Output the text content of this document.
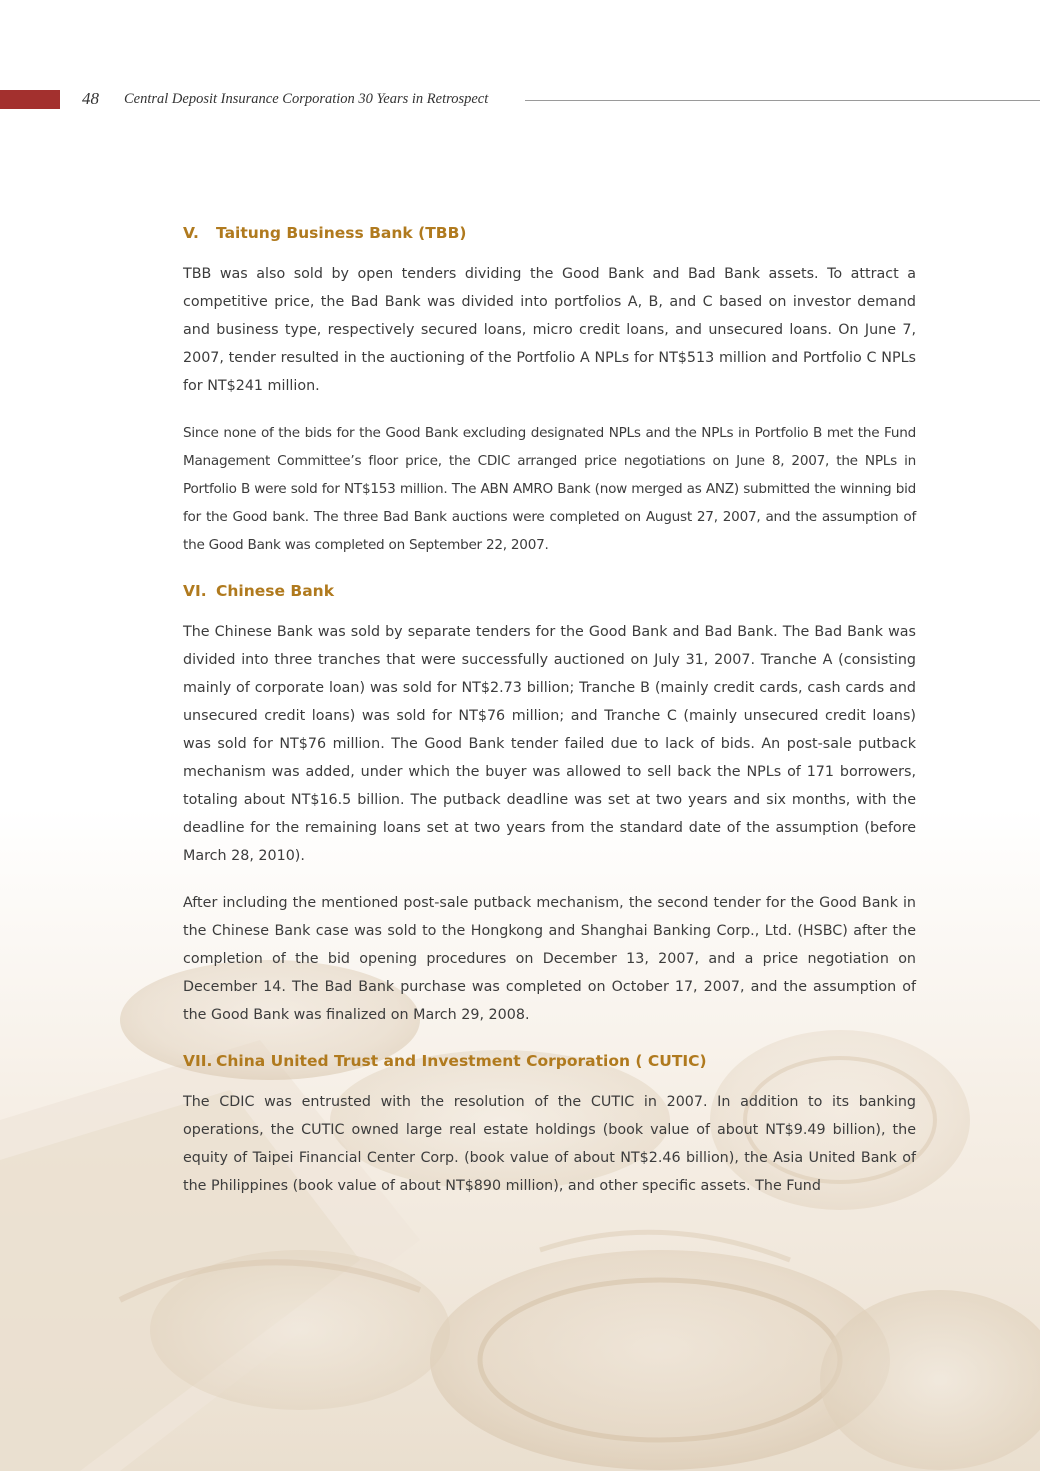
48 Central Deposit Insurance Corporation 30 Years in Retrospect
V. Taitung Business Bank (TBB)

TBB was also sold by open tenders dividing the Good Bank and Bad Bank assets. To attract a competitive price, the Bad Bank was divided into portfolios A, B, and C based on investor demand and business type, respectively secured loans, micro credit loans, and unsecured loans. On June 7, 2007, tender resulted in the auctioning of the Portfolio A NPLs for NT$513 million and Portfolio C NPLs for NT$241 million.

Since none of the bids for the Good Bank excluding designated NPLs and the NPLs in Portfolio B met the Fund Management Committee’s floor price, the CDIC arranged price negotiations on June 8, 2007, the NPLs in Portfolio B were sold for NT$153 million. The ABN AMRO Bank (now merged as ANZ) submitted the winning bid for the Good bank. The three Bad Bank auctions were completed on August 27, 2007, and the assumption of the Good Bank was completed on September 22, 2007.

VI. Chinese Bank

The Chinese Bank was sold by separate tenders for the Good Bank and Bad Bank. The Bad Bank was divided into three tranches that were successfully auctioned on July 31, 2007. Tranche A (consisting mainly of corporate loan) was sold for NT$2.73 billion; Tranche B (mainly credit cards, cash cards and unsecured credit loans) was sold for NT$76 million; and Tranche C (mainly unsecured credit loans) was sold for NT$76 million. The Good Bank tender failed due to lack of bids. An post-sale putback mechanism was added, under which the buyer was allowed to sell back the NPLs of 171 borrowers, totaling about NT$16.5 billion. The putback deadline was set at two years and six months, with the deadline for the remaining loans set at two years from the standard date of the assumption (before March 28, 2010).

After including the mentioned post-sale putback mechanism, the second tender for the Good Bank in the Chinese Bank case was sold to the Hongkong and Shanghai Banking Corp., Ltd. (HSBC) after the completion of the bid opening procedures on December 13, 2007, and a price negotiation on December 14. The Bad Bank purchase was completed on October 17, 2007, and the assumption of the Good Bank was finalized on March 29, 2008.

VII. China United Trust and Investment Corporation ( CUTIC)

The CDIC was entrusted with the resolution of the CUTIC in 2007. In addition to its banking operations, the CUTIC owned large real estate holdings (book value of about NT$9.49 billion), the equity of Taipei Financial Center Corp. (book value of about NT$2.46 billion), the Asia United Bank of the Philippines (book value of about NT$890 million), and other specific assets. The Fund
